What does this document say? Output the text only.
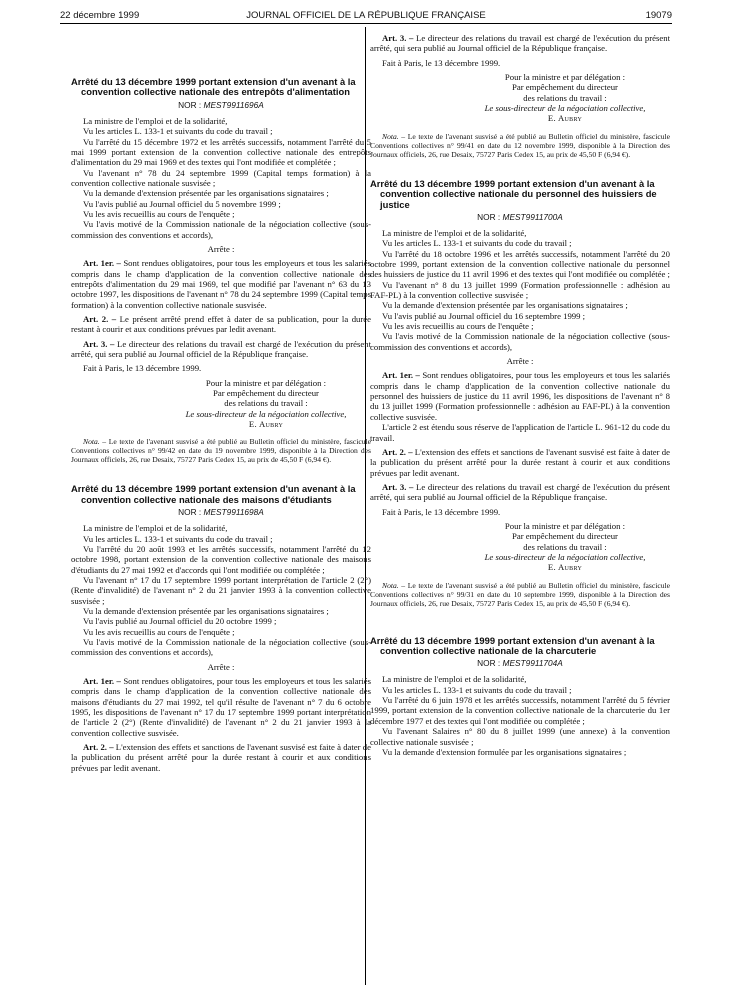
22 décembre 1999	JOURNAL OFFICIEL DE LA RÉPUBLIQUE FRANÇAISE	19079
Arrêté du 13 décembre 1999 portant extension d'un avenant à la convention collective nationale des entrepôts d'alimentation
NOR : MEST9911696A

La ministre de l'emploi et de la solidarité,

Vu les articles L. 133-1 et suivants du code du travail ;

Vu l'arrêté du 15 décembre 1972 et les arrêtés successifs, notamment l'arrêté du 5 mai 1999 portant extension de la convention collective nationale des entrepôts d'alimentation du 29 mai 1969 et des textes qui l'ont modifiée et complétée ;

Vu l'avenant n° 78 du 24 septembre 1999 (Capital temps formation) à la convention collective nationale susvisée ;

Vu la demande d'extension présentée par les organisations signataires ;

Vu l'avis publié au Journal officiel du 5 novembre 1999 ;

Vu les avis recueillis au cours de l'enquête ;

Vu l'avis motivé de la Commission nationale de la négociation collective (sous-commission des conventions et accords),

Arrête :

Art. 1er. – Sont rendues obligatoires, pour tous les employeurs et tous les salariés compris dans le champ d'application de la convention collective nationale des entrepôts d'alimentation du 29 mai 1969, tel que modifié par l'avenant n° 63 du 13 octobre 1997, les dispositions de l'avenant n° 78 du 24 septembre 1999 (Capital temps formation) à la convention collective nationale susvisée.

Art. 2. – Le présent arrêté prend effet à dater de sa publication, pour la durée restant à courir et aux conditions prévues par ledit avenant.

Art. 3. – Le directeur des relations du travail est chargé de l'exécution du présent arrêté, qui sera publié au Journal officiel de la République française.

Fait à Paris, le 13 décembre 1999.

Pour la ministre et par délégation :
Par empêchement du directeur
des relations du travail :
Le sous-directeur de la négociation collective,
E. Aubry

Nota. – Le texte de l'avenant susvisé a été publié au Bulletin officiel du ministère, fascicule Conventions collectives n° 99/42 en date du 19 novembre 1999, disponible à la Direction des Journaux officiels, 26, rue Desaix, 75727 Paris Cedex 15, au prix de 45,50 F (6,94 €).

Arrêté du 13 décembre 1999 portant extension d'un avenant à la convention collective nationale des maisons d'étudiants
NOR : MEST9911698A

La ministre de l'emploi et de la solidarité,

Vu les articles L. 133-1 et suivants du code du travail ;

Vu l'arrêté du 20 août 1993 et les arrêtés successifs, notamment l'arrêté du 12 octobre 1998, portant extension de la convention collective nationale des maisons d'étudiants du 27 mai 1992 et d'accords qui l'ont modifiée ou complétée ;

Vu l'avenant n° 17 du 17 septembre 1999 portant interprétation de l'article 2 (2°) (Rente d'invalidité) de l'avenant n° 2 du 21 janvier 1993 à la convention collective susvisée ;

Vu la demande d'extension présentée par les organisations signataires ;

Vu l'avis publié au Journal officiel du 20 octobre 1999 ;

Vu les avis recueillis au cours de l'enquête ;

Vu l'avis motivé de la Commission nationale de la négociation collective (sous-commission des conventions et accords),

Arrête :

Art. 1er. – Sont rendues obligatoires, pour tous les employeurs et tous les salariés compris dans le champ d'application de la convention collective nationale des maisons d'étudiants du 27 mai 1992, tel qu'il résulte de l'avenant n° 7 du 6 octobre 1995, les dispositions de l'avenant n° 17 du 17 septembre 1999 portant interprétation de l'article 2 (2°) (Rente d'invalidité) de l'avenant n° 2 du 21 janvier 1993 à la convention collective susvisée.

Art. 2. – L'extension des effets et sanctions de l'avenant susvisé est faite à dater de la publication du présent arrêté pour la durée restant à courir et aux conditions prévues par ledit avenant.

Art. 3. – Le directeur des relations du travail est chargé de l'exécution du présent arrêté, qui sera publié au Journal officiel de la République française.

Fait à Paris, le 13 décembre 1999.

Pour la ministre et par délégation :
Par empêchement du directeur
des relations du travail :
Le sous-directeur de la négociation collective,
E. Aubry

Nota. – Le texte de l'avenant susvisé a été publié au Bulletin officiel du ministère, fascicule Conventions collectives n° 99/41 en date du 12 novembre 1999, disponible à la Direction des Journaux officiels, 26, rue Desaix, 75727 Paris Cedex 15, au prix de 45,50 F (6,94 €).

Arrêté du 13 décembre 1999 portant extension d'un avenant à la convention collective nationale du personnel des huissiers de justice
NOR : MEST9911700A

La ministre de l'emploi et de la solidarité,

Vu les articles L. 133-1 et suivants du code du travail ;

Vu l'arrêté du 18 octobre 1996 et les arrêtés successifs, notamment l'arrêté du 20 octobre 1999, portant extension de la convention collective nationale du personnel des huissiers de justice du 11 avril 1996 et des textes qui l'ont modifiée ou complétée ;

Vu l'avenant n° 8 du 13 juillet 1999 (Formation professionnelle : adhésion au FAF-PL) à la convention collective susvisée ;

Vu la demande d'extension présentée par les organisations signataires ;

Vu l'avis publié au Journal officiel du 16 septembre 1999 ;

Vu les avis recueillis au cours de l'enquête ;

Vu l'avis motivé de la Commission nationale de la négociation collective (sous-commission des conventions et accords),

Arrête :

Art. 1er. – Sont rendues obligatoires, pour tous les employeurs et tous les salariés compris dans le champ d'application de la convention collective nationale du personnel des huissiers de justice du 11 avril 1996, les dispositions de l'avenant n° 8 du 13 juillet 1999 (Formation professionnelle : adhésion au FAF-PL) à la convention collective susvisée.

L'article 2 est étendu sous réserve de l'application de l'article L. 961-12 du code du travail.

Art. 2. – L'extension des effets et sanctions de l'avenant susvisé est faite à dater de la publication du présent arrêté pour la durée restant à courir et aux conditions prévues par ledit avenant.

Art. 3. – Le directeur des relations du travail est chargé de l'exécution du présent arrêté, qui sera publié au Journal officiel de la République française.

Fait à Paris, le 13 décembre 1999.

Pour la ministre et par délégation :
Par empêchement du directeur
des relations du travail :
Le sous-directeur de la négociation collective,
E. Aubry

Nota. – Le texte de l'avenant susvisé a été publié au Bulletin officiel du ministère, fascicule Conventions collectives n° 99/31 en date du 10 septembre 1999, disponible à la Direction des Journaux officiels, 26, rue Desaix, 75727 Paris Cedex 15, au prix de 45,50 F (6,94 €).

Arrêté du 13 décembre 1999 portant extension d'un avenant à la convention collective nationale de la charcuterie
NOR : MEST9911704A

La ministre de l'emploi et de la solidarité,

Vu les articles L. 133-1 et suivants du code du travail ;

Vu l'arrêté du 6 juin 1978 et les arrêtés successifs, notamment l'arrêté du 5 février 1999, portant extension de la convention collective nationale de la charcuterie du 1er décembre 1977 et des textes qui l'ont modifiée ou complétée ;

Vu l'avenant Salaires n° 80 du 8 juillet 1999 (une annexe) à la convention collective nationale susvisée ;

Vu la demande d'extension formulée par les organisations signataires ;
